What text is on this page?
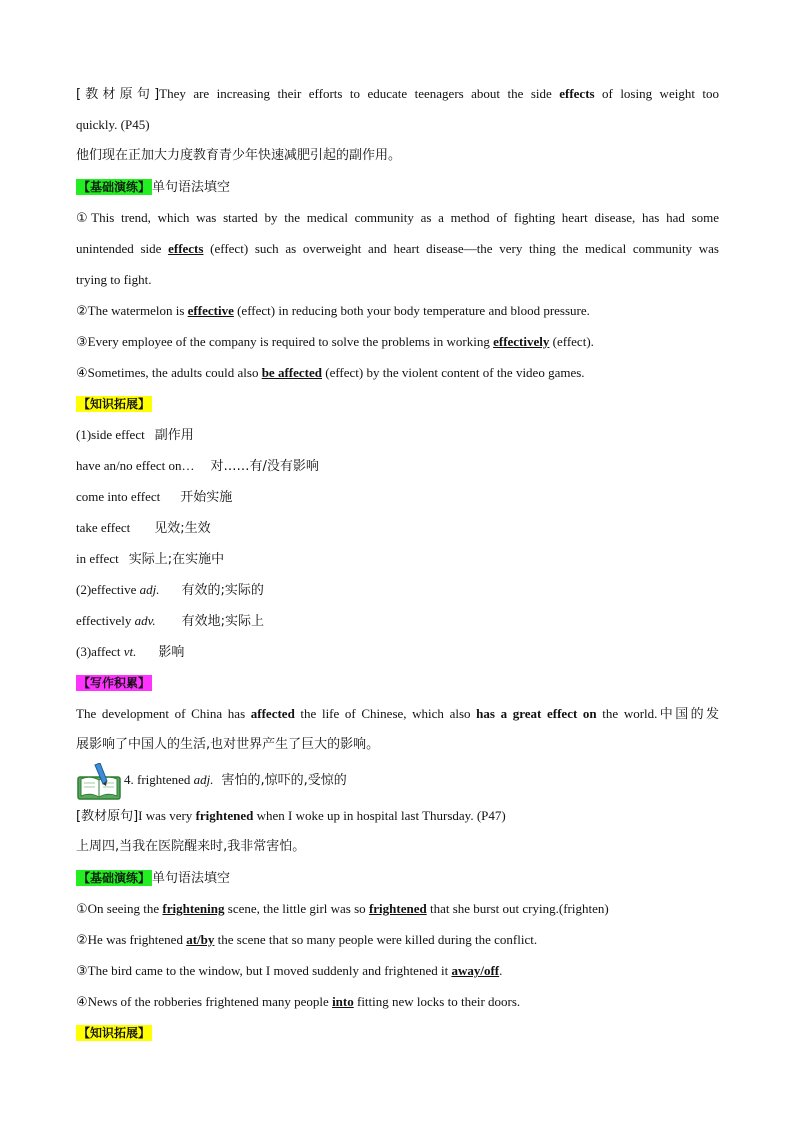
[教材原句]They are increasing their efforts to educate teenagers about the side effects of losing weight too
quickly. (P45)
他们现在正加大力度教育青少年快速减肥引起的副作用。
【基础演练】 单句语法填空
①This trend, which was started by the medical community as a method of fighting heart disease, has had some
unintended side effects (effect) such as overweight and heart disease—the very thing the medical community was
trying to fight.
②The watermelon is effective (effect) in reducing both your body temperature and blood pressure.
③Every employee of the company is required to solve the problems in working effectively (effect).
④Sometimes, the adults could also be affected (effect) by the violent content of the video games.
【知识拓展】
(1)side effect 副作用
have an/no effect on… 对……有/没有影响
come into effect 开始实施
take effect 见效;生效
in effect 实际上;在实施中
(2)effective adj. 有效的;实际的
effectively adv. 有效地;实际上
(3)affect vt. 影响
【写作积累】
The development of China has affected the life of Chinese, which also has a great effect on the world.中国的发
展影响了中国人的生活,也对世界产生了巨大的影响。
4. frightened adj. 害怕的,惊吓的,受惊的
[教材原句]I was very frightened when I woke up in hospital last Thursday. (P47)
上周四,当我在医院醒来时,我非常害怕。
【基础演练】 单句语法填空
①On seeing the frightening scene, the little girl was so frightened that she burst out crying.(frighten)
②He was frightened at/by the scene that so many people were killed during the conflict.
③The bird came to the window, but I moved suddenly and frightened it away/off.
④News of the robberies frightened many people into fitting new locks to their doors.
【知识拓展】
